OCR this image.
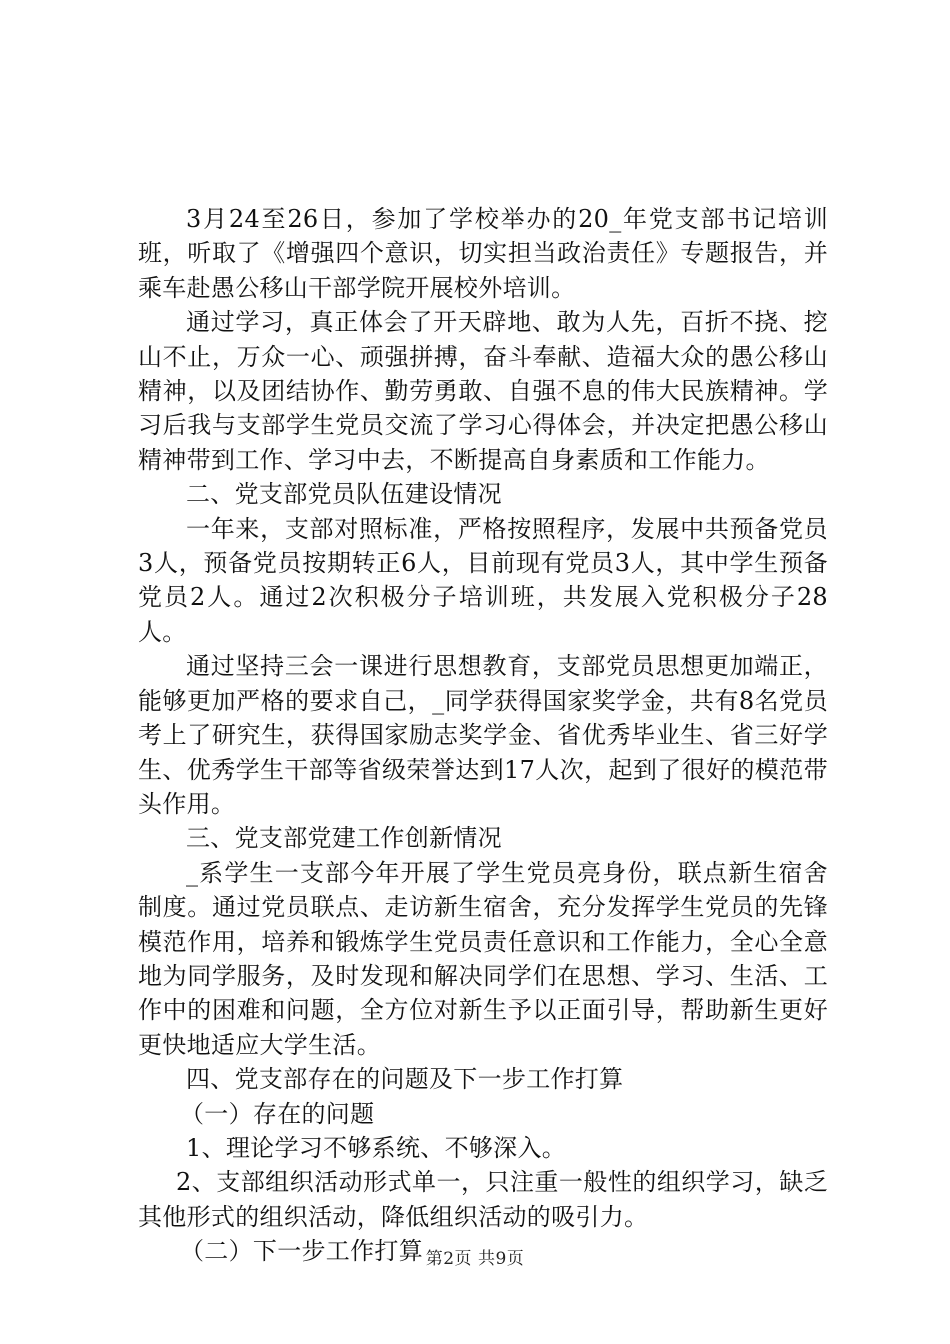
3月24至26日，参加了学校举办的20_年党支部书记培训班，听取了《增强四个意识，切实担当政治责任》专题报告，并乘车赴愚公移山干部学院开展校外培训。

通过学习，真正体会了开天辟地、敢为人先，百折不挠、挖山不止，万众一心、顽强拼搏，奋斗奉献、造福大众的愚公移山精神，以及团结协作、勤劳勇敢、自强不息的伟大民族精神。学习后我与支部学生党员交流了学习心得体会，并决定把愚公移山精神带到工作、学习中去，不断提高自身素质和工作能力。

二、党支部党员队伍建设情况

一年来，支部对照标准，严格按照程序，发展中共预备党员3人，预备党员按期转正6人，目前现有党员3人，其中学生预备党员2人。通过2次积极分子培训班，共发展入党积极分子28人。

通过坚持三会一课进行思想教育，支部党员思想更加端正，能够更加严格的要求自己，_同学获得国家奖学金，共有8名党员考上了研究生，获得国家励志奖学金、省优秀毕业生、省三好学生、优秀学生干部等省级荣誉达到17人次，起到了很好的模范带头作用。

三、党支部党建工作创新情况

_系学生一支部今年开展了学生党员亮身份，联点新生宿舍制度。通过党员联点、走访新生宿舍，充分发挥学生党员的先锋模范作用，培养和锻炼学生党员责任意识和工作能力，全心全意地为同学服务，及时发现和解决同学们在思想、学习、生活、工作中的困难和问题，全方位对新生予以正面引导，帮助新生更好更快地适应大学生活。

四、党支部存在的问题及下一步工作打算

（一）存在的问题

1、理论学习不够系统、不够深入。

2、支部组织活动形式单一，只注重一般性的组织学习，缺乏其他形式的组织活动，降低组织活动的吸引力。

（二）下一步工作打算 第2页 共9页
